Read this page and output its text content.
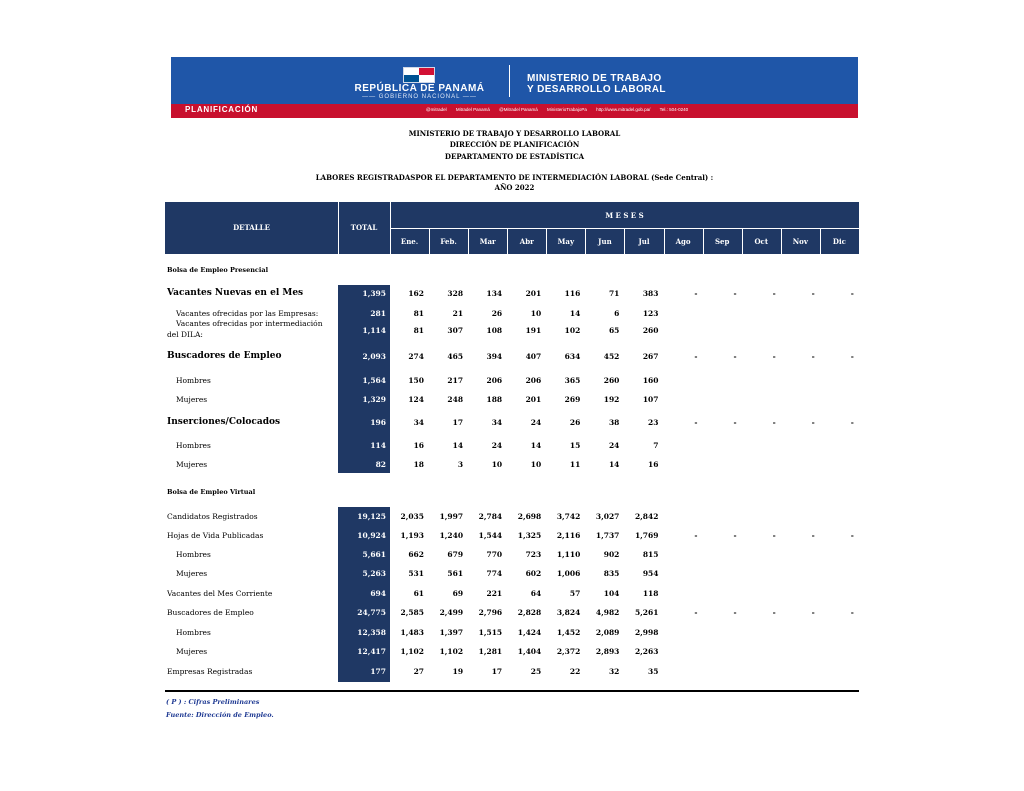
REPÚBLICA DE PANAMÁ
—— GOBIERNO NACIONAL ——
MINISTERIO DE TRABAJO
Y DESARROLLO LABORAL
PLANIFICACIÓN	@mitradel Mitradel Panamá @Mitradel Panamá MinisterioTrabajoPa http://www.mitradel.gob.pa/ Tel.: 504-0240
MINISTERIO DE TRABAJO Y DESARROLLO LABORAL
DIRECCIÓN DE PLANIFICACIÓN
DEPARTAMENTO DE ESTADÍSTICA
LABORES REGISTRADASPOR EL DEPARTAMENTO DE INTERMEDIACIÓN LABORAL (Sede Central) :
AÑO 2022
DETALLE	TOTAL
M E S E S
Ene.	Feb.	Mar	Abr	May	Jun	Jul	Ago	Sep	Oct	Nov	Dic
Bolsa de Empleo Presencial
Bolsa de Empleo Virtual
Vacantes Nuevas en el Mes	1,395	162	328	134	201	116	71	383	-	-	-	-	-
Vacantes ofrecidas por las Empresas:	281	81	21	26	10	14	6	123
Vacantes ofrecidas por intermediación
del DILA:	1,114	81	307	108	191	102	65	260
Buscadores de Empleo	2,093	274	465	394	407	634	452	267	-	-	-	-	-
Hombres	1,564	150	217	206	206	365	260	160
Mujeres	1,329	124	248	188	201	269	192	107
Inserciones/Colocados	196	34	17	34	24	26	38	23	-	-	-	-	-
Hombres	114	16	14	24	14	15	24	7
Mujeres	82	18	3	10	10	11	14	16
Candidatos Registrados	19,125	2,035	1,997	2,784	2,698	3,742	3,027	2,842
Hojas de Vida Publicadas	10,924	1,193	1,240	1,544	1,325	2,116	1,737	1,769	-	-	-	-	-
Hombres	5,661	662	679	770	723	1,110	902	815
Mujeres	5,263	531	561	774	602	1,006	835	954
Vacantes del Mes Corriente	694	61	69	221	64	57	104	118
Buscadores de Empleo	24,775	2,585	2,499	2,796	2,828	3,824	4,982	5,261	-	-	-	-	-
Hombres	12,358	1,483	1,397	1,515	1,424	1,452	2,089	2,998
Mujeres	12,417	1,102	1,102	1,281	1,404	2,372	2,893	2,263
Empresas Registradas	177	27	19	17	25	22	32	35
( P ) : Cifras Preliminares
Fuente: Dirección de Empleo.
